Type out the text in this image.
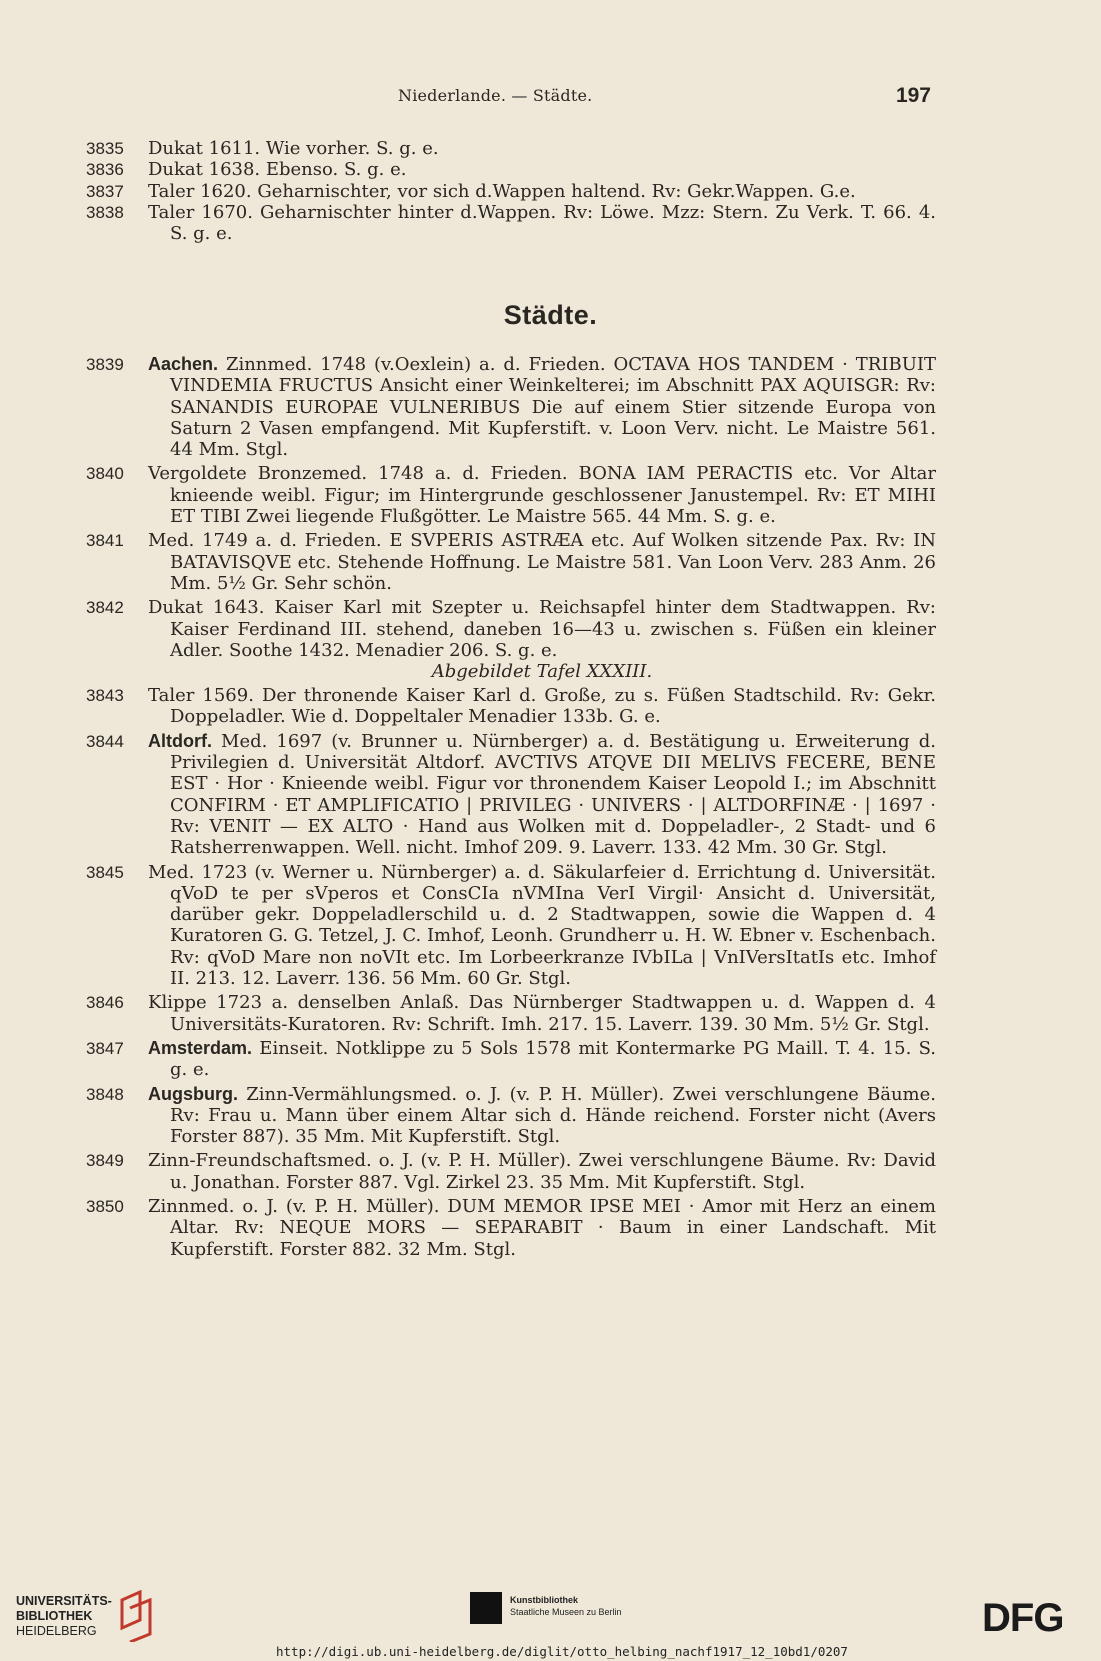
Niederlande. — Städte.	197
3835 Dukat 1611. Wie vorher. S. g. e.
3836 Dukat 1638. Ebenso. S. g. e.
3837 Taler 1620. Geharnischter, vor sich d.Wappen haltend. Rv: Gekr.Wappen. G.e.
3838 Taler 1670. Geharnischter hinter d.Wappen. Rv: Löwe. Mzz: Stern. Zu Verk. T. 66. 4. S. g. e.
Städte.
3839 Aachen. Zinnmed. 1748 (v.Oexlein) a. d. Frieden. OCTAVA HOS TANDEM · TRIBUIT VINDEMIA FRUCTUS Ansicht einer Weinkelterei; im Abschnitt PAX AQUISGR: Rv: SANANDIS EUROPAE VULNERIBUS Die auf einem Stier sitzende Europa von Saturn 2 Vasen empfangend. Mit Kupferstift. v. Loon Verv. nicht. Le Maistre 561. 44 Mm. Stgl.
3840 Vergoldete Bronzemed. 1748 a. d. Frieden. BONA IAM PERACTIS etc. Vor Altar knieende weibl. Figur; im Hintergrunde geschlossener Janustempel. Rv: ET MIHI ET TIBI Zwei liegende Flußgötter. Le Maistre 565. 44 Mm. S. g. e.
3841 Med. 1749 a. d. Frieden. E SVPERIS ASTRÆA etc. Auf Wolken sitzende Pax. Rv: IN BATAVISQVE etc. Stehende Hoffnung. Le Maistre 581. Van Loon Verv. 283 Anm. 26 Mm. 5½ Gr. Sehr schön.
3842 Dukat 1643. Kaiser Karl mit Szepter u. Reichsapfel hinter dem Stadtwappen. Rv: Kaiser Ferdinand III. stehend, daneben 16—43 u. zwischen s. Füßen ein kleiner Adler. Soothe 1432. Menadier 206. S. g. e.
Abgebildet Tafel XXXIII.
3843 Taler 1569. Der thronende Kaiser Karl d. Große, zu s. Füßen Stadtschild. Rv: Gekr. Doppeladler. Wie d. Doppeltaler Menadier 133b. G. e.
3844 Altdorf. Med. 1697 (v. Brunner u. Nürnberger) a. d. Bestätigung u. Erweiterung d. Privilegien d. Universität Altdorf. AVCTIVS ATQVE DII MELIVS FECERE, BENE EST · Hor · Knieende weibl. Figur vor thronendem Kaiser Leopold I.; im Abschnitt CONFIRM · ET AMPLIFICATIO | PRIVILEG · UNIVERS · | ALTDORFINÆ · | 1697 · Rv: VENIT — EX ALTO · Hand aus Wolken mit d. Doppeladler-, 2 Stadt- und 6 Ratsherrenwappen. Well. nicht. Imhof 209. 9. Laverr. 133. 42 Mm. 30 Gr. Stgl.
3845 Med. 1723 (v. Werner u. Nürnberger) a. d. Säkularfeier d. Errichtung d. Universität. qVoD te per sVperos et ConsCIa nVMIna VerI Virgil· Ansicht d. Universität, darüber gekr. Doppeladlerschild u. d. 2 Stadtwappen, sowie die Wappen d. 4 Kuratoren G. G. Tetzel, J. C. Imhof, Leonh. Grundherr u. H. W. Ebner v. Eschenbach. Rv: qVoD Mare non noVIt etc. Im Lorbeerkranze IVbILa | VnIVersItatIs etc. Imhof II. 213. 12. Laverr. 136. 56 Mm. 60 Gr. Stgl.
3846 Klippe 1723 a. denselben Anlaß. Das Nürnberger Stadtwappen u. d. Wappen d. 4 Universitäts-Kuratoren. Rv: Schrift. Imh. 217. 15. Laverr. 139. 30 Mm. 5½ Gr. Stgl.
3847 Amsterdam. Einseit. Notklippe zu 5 Sols 1578 mit Kontermarke PG Maill. T. 4. 15. S. g. e.
3848 Augsburg. Zinn-Vermählungsmed. o. J. (v. P. H. Müller). Zwei verschlungene Bäume. Rv: Frau u. Mann über einem Altar sich d. Hände reichend. Forster nicht (Avers Forster 887). 35 Mm. Mit Kupferstift. Stgl.
3849 Zinn-Freundschaftsmed. o. J. (v. P. H. Müller). Zwei verschlungene Bäume. Rv: David u. Jonathan. Forster 887. Vgl. Zirkel 23. 35 Mm. Mit Kupferstift. Stgl.
3850 Zinnmed. o. J. (v. P. H. Müller). DUM MEMOR IPSE MEI · Amor mit Herz an einem Altar. Rv: NEQUE MORS — SEPARABIT · Baum in einer Landschaft. Mit Kupferstift. Forster 882. 32 Mm. Stgl.
UNIVERSITÄTS-
BIBLIOTHEK
HEIDELBERG
Kunstbibliothek
Staatliche Museen zu Berlin	DFG
http://digi.ub.uni-heidelberg.de/diglit/otto_helbing_nachf1917_12_10bd1/0207
